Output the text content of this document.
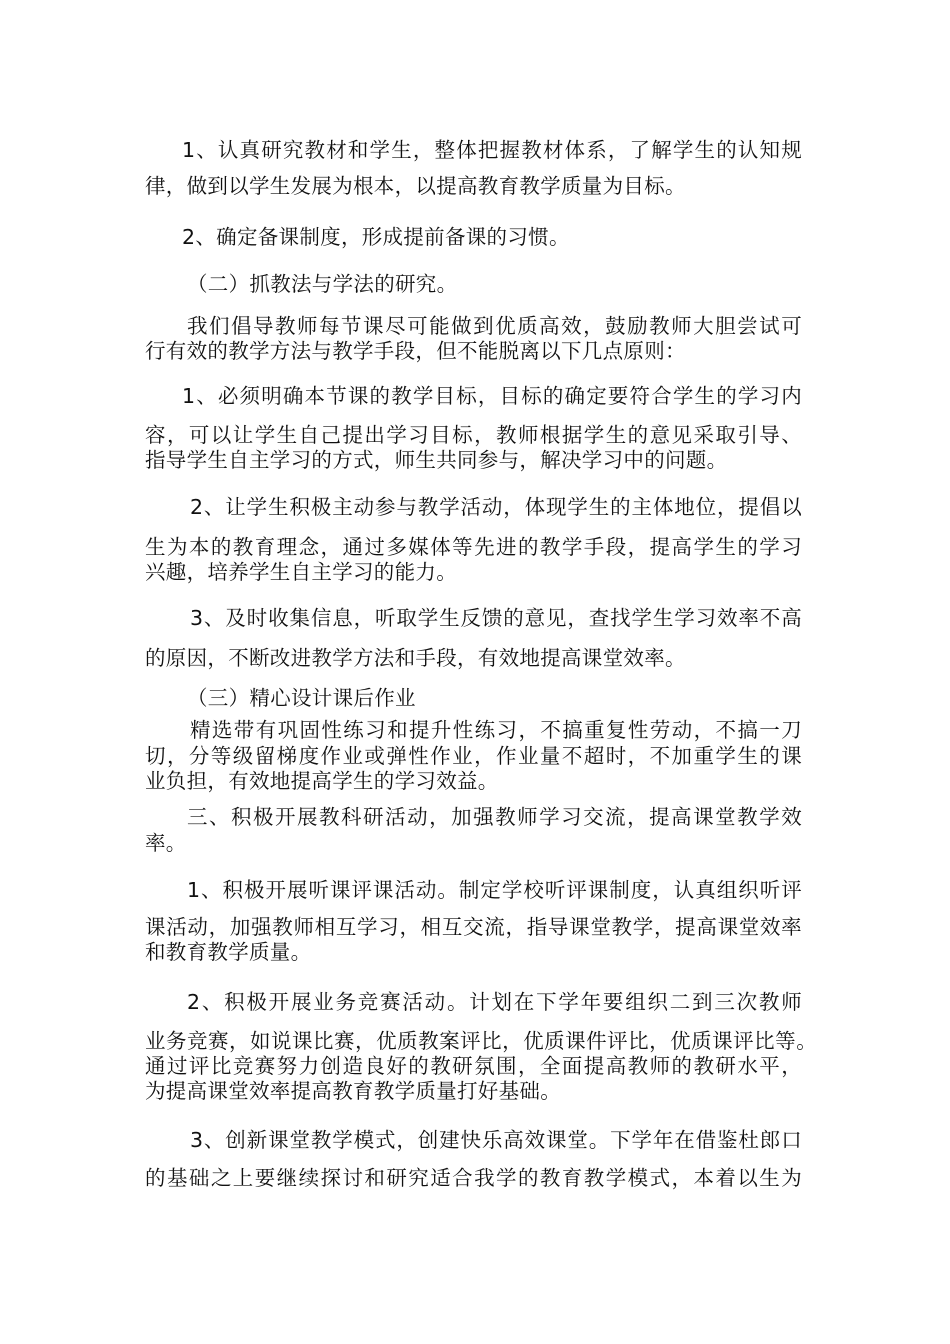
1、认真研究教材和学生，整体把握教材体系，了解学生的认知规
律，做到以学生发展为根本，以提高教育教学质量为目标。
2、确定备课制度，形成提前备课的习惯。
（二）抓教法与学法的研究。
我们倡导教师每节课尽可能做到优质高效，鼓励教师大胆尝试可
行有效的教学方法与教学手段，但不能脱离以下几点原则：
1、必须明确本节课的教学目标，目标的确定要符合学生的学习内
容，可以让学生自己提出学习目标，教师根据学生的意见采取引导、
指导学生自主学习的方式，师生共同参与，解决学习中的问题。
2、让学生积极主动参与教学活动，体现学生的主体地位，提倡以
生为本的教育理念，通过多媒体等先进的教学手段，提高学生的学习
兴趣，培养学生自主学习的能力。
3、及时收集信息，听取学生反馈的意见，查找学生学习效率不高
的原因，不断改进教学方法和手段，有效地提高课堂效率。
（三）精心设计课后作业
精选带有巩固性练习和提升性练习，不搞重复性劳动，不搞一刀
切，分等级留梯度作业或弹性作业，作业量不超时，不加重学生的课
业负担，有效地提高学生的学习效益。
三、积极开展教科研活动，加强教师学习交流，提高课堂教学效
率。
1、积极开展听课评课活动。制定学校听评课制度，认真组织听评
课活动，加强教师相互学习，相互交流，指导课堂教学，提高课堂效率
和教育教学质量。
2、积极开展业务竞赛活动。计划在下学年要组织二到三次教师
业务竞赛，如说课比赛，优质教案评比，优质课件评比，优质课评比等。
通过评比竞赛努力创造良好的教研氛围，全面提高教师的教研水平，
为提高课堂效率提高教育教学质量打好基础。
3、创新课堂教学模式，创建快乐高效课堂。下学年在借鉴杜郎口
的基础之上要继续探讨和研究适合我学的教育教学模式，本着以生为
